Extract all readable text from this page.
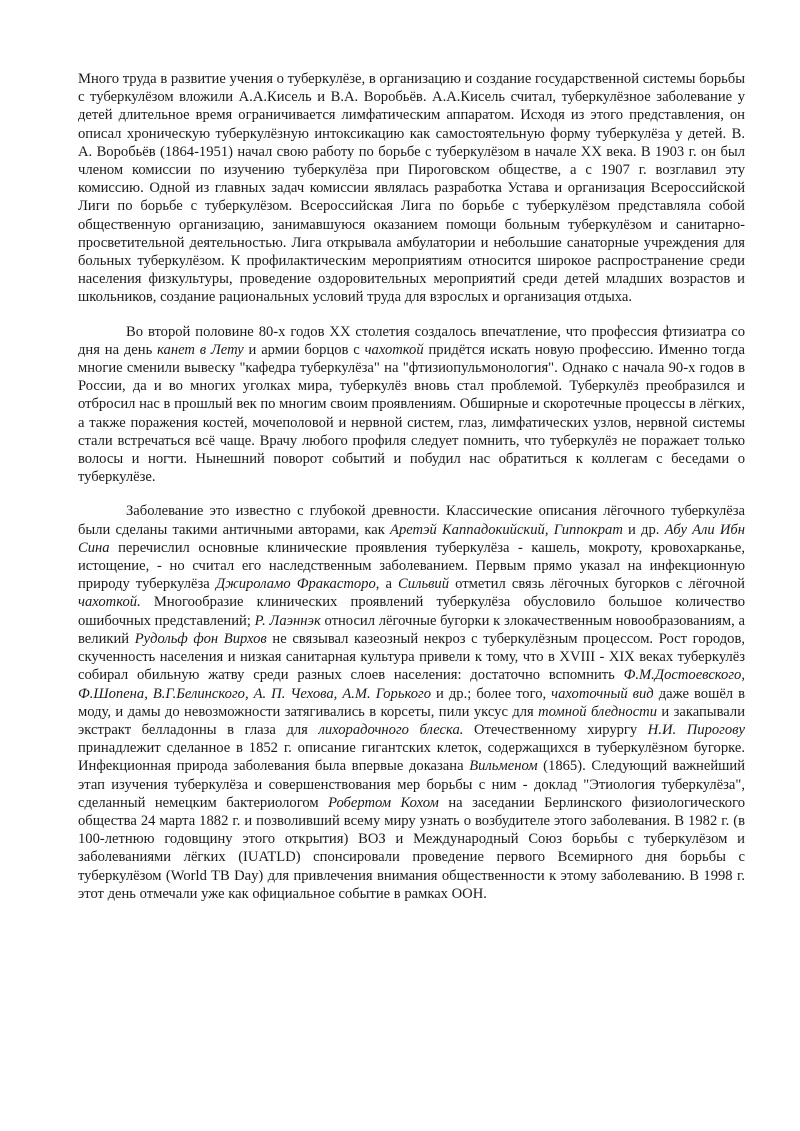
Много труда в развитие учения о туберкулёзе, в организацию и создание государственной системы борьбы с туберкулёзом вложили А.А.Кисель и В.А. Воробьёв. А.А.Кисель считал, туберкулёзное заболевание у детей длительное время ограничивается лимфатическим аппаратом. Исходя из этого представления, он описал хроническую туберкулёзную интоксикацию как самостоятельную форму туберкулёза у детей. В. А. Воробьёв (1864-1951) начал свою работу по борьбе с туберкулёзом в начале XX века. В 1903 г. он был членом комиссии по изучению туберкулёза при Пироговском обществе, а с 1907 г. возглавил эту комиссию. Одной из главных задач комиссии являлась разработка Устава и организация Всероссийской Лиги по борьбе с туберкулёзом. Всероссийская Лига по борьбе с туберкулёзом представляла собой общественную организацию, занимавшуюся оказанием помощи больным туберкулёзом и санитарно-просветительной деятельностью. Лига открывала амбулатории и небольшие санаторные учреждения для больных туберкулёзом. К профилактическим мероприятиям относится широкое распространение среди населения физкультуры, проведение оздоровительных мероприятий среди детей младших возрастов и школьников, создание рациональных условий труда для взрослых и организация отдыха.

Во второй половине 80-х годов XX столетия создалось впечатление, что профессия фтизиатра со дня на день канет в Лету и армии борцов с чахоткой придётся искать новую профессию. Именно тогда многие сменили вывеску "кафедра туберкулёза" на "фтизиопульмонология". Однако с начала 90-х годов в России, да и во многих уголках мира, туберкулёз вновь стал проблемой. Туберкулёз преобразился и отбросил нас в прошлый век по многим своим проявлениям. Обширные и скоротечные процессы в лёгких, а также поражения костей, мочеполовой и нервной систем, глаз, лимфатических узлов, нервной системы стали встречаться всё чаще. Врачу любого профиля следует помнить, что туберкулёз не поражает только волосы и ногти. Нынешний поворот событий и побудил нас обратиться к коллегам с беседами о туберкулёзе.

Заболевание это известно с глубокой древности. Классические описания лёгочного туберкулёза были сделаны такими античными авторами, как Аретэй Каппадокийский, Гиппократ и др. Абу Али Ибн Сина перечислил основные клинические проявления туберкулёза - кашель, мокроту, кровохарканье, истощение, - но считал его наследственным заболеванием. Первым прямо указал на инфекционную природу туберкулёза Джироламо Фракасторо, а Сильвий отметил связь лёгочных бугорков с лёгочной чахоткой. Многообразие клинических проявлений туберкулёза обусловило большое количество ошибочных представлений; Р. Лаэннэк относил лёгочные бугорки к злокачественным новообразованиям, а великий Рудольф фон Вирхов не связывал казеозный некроз с туберкулёзным процессом. Рост городов, скученность населения и низкая санитарная культура привели к тому, что в XVIII - XIX веках туберкулёз собирал обильную жатву среди разных слоев населения: достаточно вспомнить Ф.М.Достоевского, Ф.Шопена, В.Г.Белинского, А. П. Чехова, А.М. Горького и др.; более того, чахоточный вид даже вошёл в моду, и дамы до невозможности затягивались в корсеты, пили уксус для томной бледности и закапывали экстракт белладонны в глаза для лихорадочного блеска. Отечественному хирургу Н.И. Пирогову принадлежит сделанное в 1852 г. описание гигантских клеток, содержащихся в туберкулёзном бугорке. Инфекционная природа заболевания была впервые доказана Вильменом (1865). Следующий важнейший этап изучения туберкулёза и совершенствования мер борьбы с ним - доклад "Этиология туберкулёза", сделанный немецким бактериологом Робертом Кохом на заседании Берлинского физиологического общества 24 марта 1882 г. и позволивший всему миру узнать о возбудителе этого заболевания. В 1982 г. (в 100-летнюю годовщину этого открытия) ВОЗ и Международный Союз борьбы с туберкулёзом и заболеваниями лёгких (IUATLD) спонсировали проведение первого Всемирного дня борьбы с туберкулёзом (World TB Day) для привлечения внимания общественности к этому заболеванию. В 1998 г. этот день отмечали уже как официальное событие в рамках ООН.
